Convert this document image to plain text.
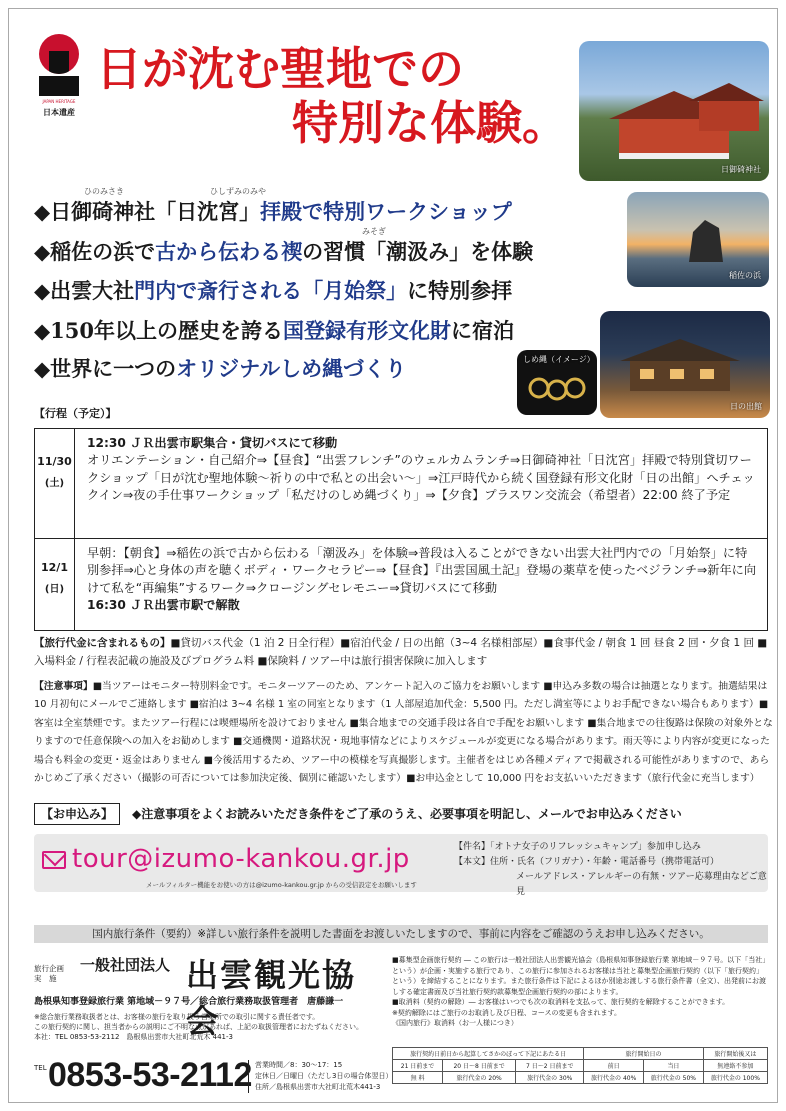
JAPAN HERITAGE
日本遺産
日が沈む聖地での
特別な体験。
日御碕神社
稲佐の浜
日の出館
しめ縄（イメージ）
ひのみさき	ひしずみのみや
◆日御碕神社「日沈宮」拝殿で特別ワークショップ
みそぎ
◆稲佐の浜で古から伝わる禊の習慣「潮汲み」を体験
◆出雲大社門内で斎行される「月始祭」に特別参拝
◆150年以上の歴史を誇る国登録有形文化財に宿泊
◆世界に一つのオリジナルしめ縄づくり
【行程（予定）】
11/30
(土)
12:30 ＪＲ出雲市駅集合・貸切バスにて移動
オリエンテーション・自己紹介⇒【昼食】“出雲フレンチ”のウェルカムランチ⇒日御碕神社「日沈宮」拝殿で特別貸切ワークショップ「日が沈む聖地体験～祈りの中で私との出会い～」⇒江戸時代から続く国登録有形文化財「日の出館」へチェックイン⇒夜の手仕事ワークショップ「私だけのしめ縄づくり」⇒【夕食】プラスワン交流会（希望者）22:00 終了予定
12/1
(日)
早朝：【朝食】⇒稲佐の浜で古から伝わる「潮汲み」を体験⇒普段は入ることができない出雲大社門内での「月始祭」に特別参拝⇒心と身体の声を聴くボディ・ワークセラピー⇒【昼食】『出雲国風土記』登場の薬草を使ったベジランチ⇒新年に向けて私を“再編集”するワーク⇒クロージングセレモニー⇒貸切バスにて移動
16:30 ＪＲ出雲市駅で解散
【旅行代金に含まれるもの】■貸切バス代金（1 泊 2 日全行程）■宿泊代金 / 日の出館（3~4 名様相部屋）■食事代金 / 朝食 1 回 昼食 2 回・夕食 1 回 ■入場料金 / 行程表記載の施設及びプログラム料 ■保険料 / ツアー中は旅行損害保険に加入します
【注意事項】■当ツアーはモニター特別料金です。モニターツアーのため、アンケート記入のご協力をお願いします ■申込み多数の場合は抽選となります。抽選結果は 10 月初旬にメールでご連絡します ■宿泊は 3~4 名様 1 室の同室となります（1 人部屋追加代金：5,500 円。ただし満室等によりお手配できない場合もあります）■客室は全室禁煙です。またツアー行程には喫煙場所を設けておりません ■集合地までの交通手段は各自で手配をお願いします ■集合地までの往復路は保険の対象外となりますので任意保険への加入をお勧めします ■交通機関・道路状況・現地事情などによりスケジュールが変更になる場合があります。雨天等により内容が変更になった場合も料金の変更・返金はありません ■今後活用するため、ツアー中の模様を写真撮影します。主催者をはじめ各種メディアで掲載される可能性がありますので、あらかじめご了承ください（撮影の可否については参加決定後、個別に確認いたします）■お申込金として 10,000 円をお支払いいただきます（旅行代金に充当します）
【お申込み】 ◆注意事項をよくお読みいただき条件をご了承のうえ、必要事項を明記し、メールでお申込みください
tour@izumo-kankou.gr.jp
メールフィルター機能をお使いの方は@izumo-kankou.gr.jp からの受信設定をお願いします
【件名】「オトナ女子のリフレッシュキャンプ」参加申し込み
【本文】住所・氏名（フリガナ）・年齢・電話番号（携帯電話可）
メールアドレス・アレルギーの有無・ツアー応募理由などご意見
国内旅行条件（要約）※詳しい旅行条件を説明した書面をお渡しいたしますので、事前に内容をご確認のうえお申し込みください。
旅行企画
実　施
一般社団法人 出雲観光協会
島根県知事登録旅行業 第地域－９７号／総合旅行業務取扱管理者　唐藤謙一
※総合旅行業務取扱者とは、お客様の旅行を取り扱う営業所での取引に関する責任者です。
この旅行契約に関し、担当者からの説明にご不明な点があれば、上記の取扱管理者におたずねください。
本社：TEL 0853-53-2112　島根県出雲市大社町北荒木 441-3
TEL 0853-53-2112 営業時間／8：30～17：15
定休日／日曜日（ただし3日の場合体翌日）
住所／島根県出雲市大社町北荒木441-3
■募集型企画旅行契約 ― この旅行は一般社団法人出雲観光協会（島根県知事登録旅行業 第地域－９７号。以下「当社」という）が企画・実施する旅行であり、この旅行に参加されるお客様は当社と募集型企画旅行契約（以下「旅行契約」という）を締結することになります。また旅行条件は下記によるほか別途お渡しする旅行条件書（全文）、出発前にお渡しする確定書面及び当社旅行契約款募集型企画旅行契約の部によります。
■取消料（契約の解除）― お客様はいつでも次の取消料を支払って、旅行契約を解除することができます。
※契約解除にはご旅行のお取消し及び日程、コースの変更も含まれます。
《国内旅行》取消料（お一人様につき）
旅行契約日前日から起算してさかのぼって下記にあたる日			旅行開始日の		旅行開始後又は
21 日前まで	20 日～8 日前まで	7 日～2 日前まで	前日	当日	無連絡不参加
無 料	旅行代金の 20%	旅行代金の 30%	旅行代金の 40%	旅行代金の 50%	旅行代金の 100%
